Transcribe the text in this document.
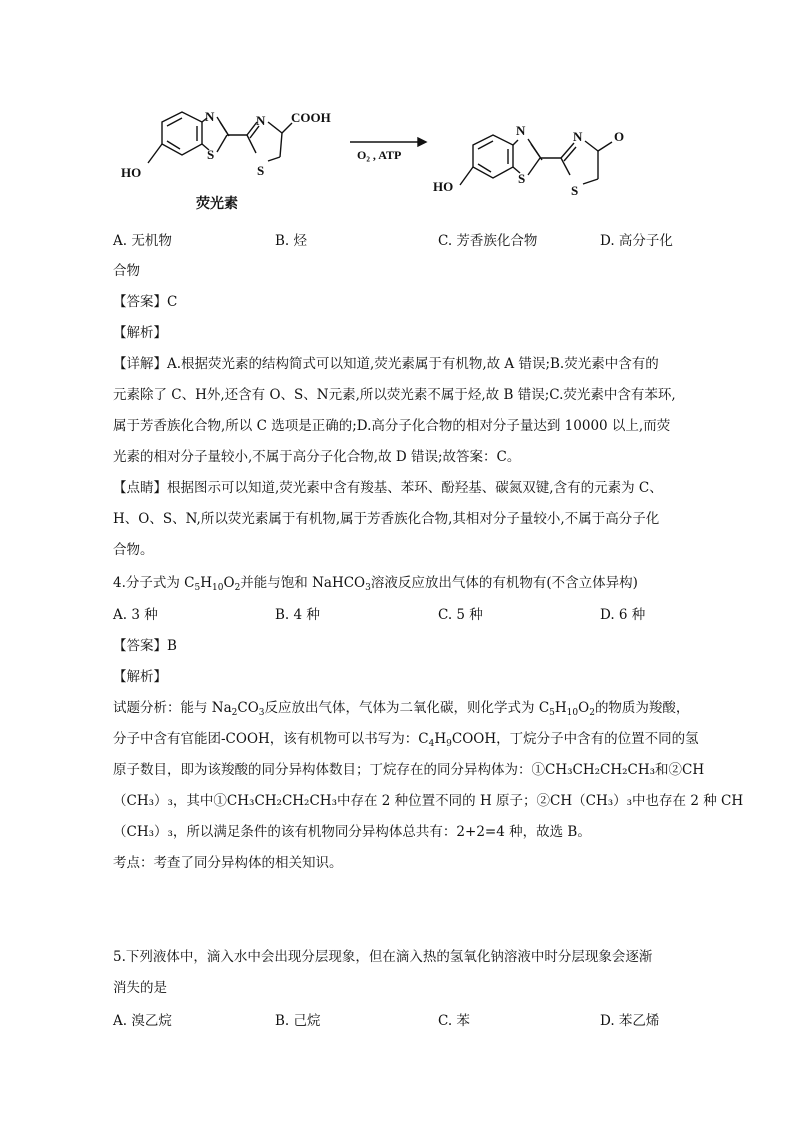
N
S
N
S
COOH
HO
荧光素
O₂ , ATP
N
S
N
S
O
HO
A. 无机物	B. 烃	C. 芳香族化合物	D. 高分子化
合物
【答案】C
【解析】
【详解】A.根据荧光素的结构简式可以知道,荧光素属于有机物,故 A 错误;B.荧光素中含有的
元素除了 C、H外,还含有 O、S、N元素,所以荧光素不属于烃,故 B 错误;C.荧光素中含有苯环,
属于芳香族化合物,所以 C 选项是正确的;D.高分子化合物的相对分子量达到 10000 以上,而荧
光素的相对分子量较小,不属于高分子化合物,故 D 错误;故答案：C。
【点睛】根据图示可以知道,荧光素中含有羧基、苯环、酚羟基、碳氮双键,含有的元素为 C、
H、O、S、N,所以荧光素属于有机物,属于芳香族化合物,其相对分子量较小,不属于高分子化
合物。
4.分子式为 $C_5H_{10}O_2$并能与饱和 NaHCO$_3$溶液反应放出气体的有机物有(不含立体异构)
A. 3 种	B. 4 种	C. 5 种	D. 6 种
【答案】B
【解析】
试题分析：能与 $Na_2CO_3$反应放出气体，气体为二氧化碳，则化学式为 $C_5H_{10}O_2$的物质为羧酸，
分子中含有官能团-COOH，该有机物可以书写为：$C_4H_9COOH$，丁烷分子中含有的位置不同的氢
原子数目，即为该羧酸的同分异构体数目；丁烷存在的同分异构体为：①CH₃CH₂CH₂CH₃和②CH
（CH₃）₃，其中①CH₃CH₂CH₂CH₃中存在 2 种位置不同的 H 原子；②CH（CH₃）₃中也存在 2 种 CH
（CH₃）₃，所以满足条件的该有机物同分异构体总共有：2+2=4 种，故选 B。
考点：考查了同分异构体的相关知识。
5.下列液体中，滴入水中会出现分层现象，但在滴入热的氢氧化钠溶液中时分层现象会逐渐
消失的是
A. 溴乙烷	B. 己烷	C. 苯	D. 苯乙烯
